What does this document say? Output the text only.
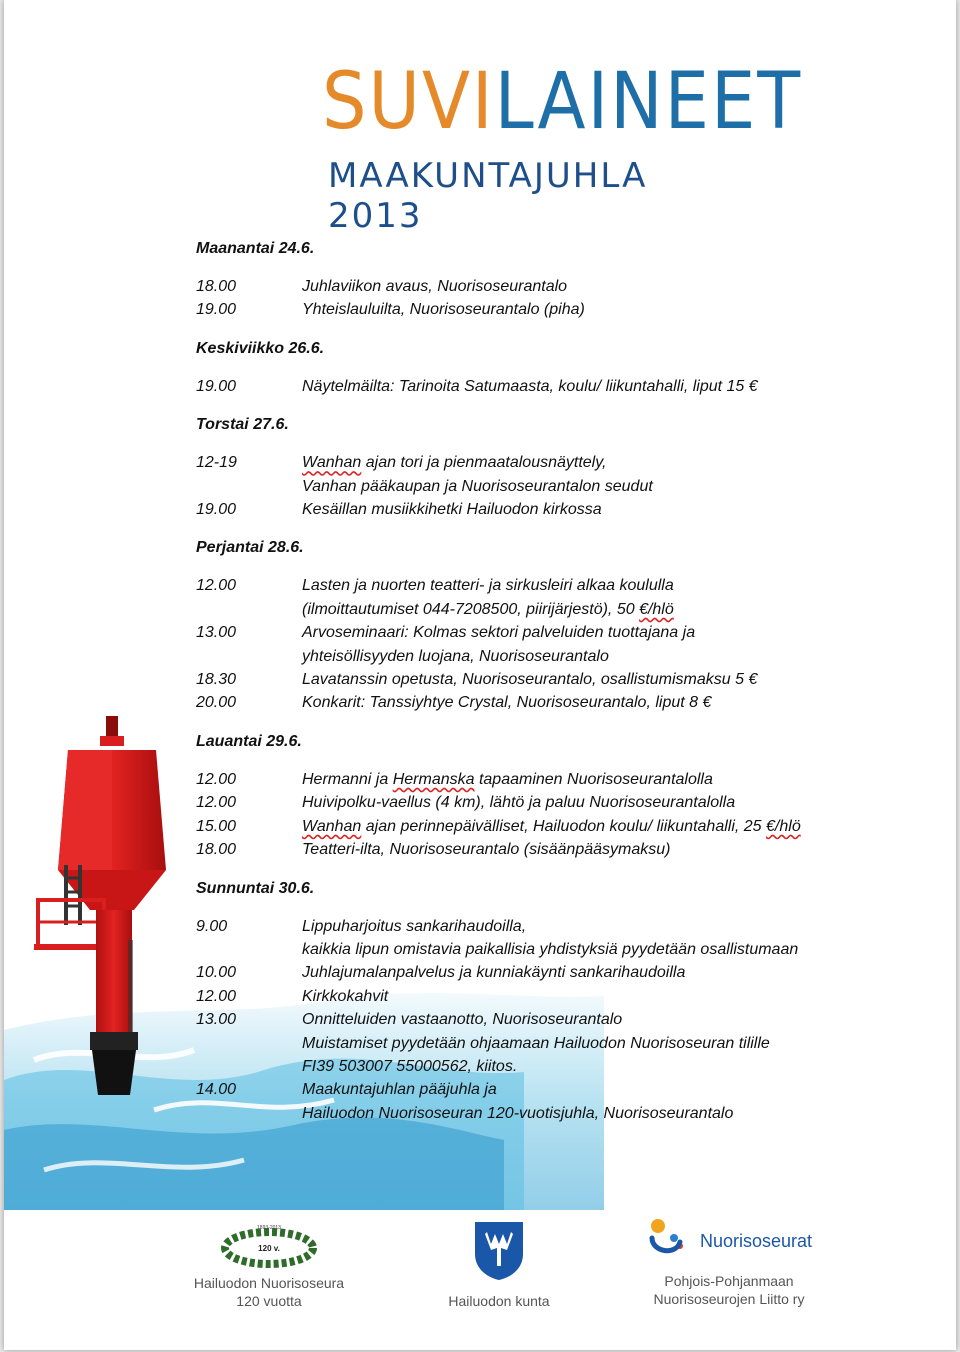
SUVILAINEET
MAAKUNTAJUHLA 2013
Maanantai 24.6.
18.00	Juhlaviikon avaus, Nuorisoseurantalo
19.00	Yhteislauluilta, Nuorisoseurantalo (piha)
Keskiviikko 26.6.
19.00	Näytelmäilta: Tarinoita Satumaasta, koulu/ liikuntahalli, liput 15 €
Torstai 27.6.
12-19	Wanhan ajan tori ja pienmaatalousnäyttely,
Vanhan pääkaupan ja Nuorisoseurantalon seudut
19.00	Kesäillan musiikkihetki Hailuodon kirkossa
Perjantai 28.6.
12.00	Lasten ja nuorten teatteri- ja sirkusleiri alkaa koululla
(ilmoittautumiset 044-7208500, piirijärjestö), 50 €/hlö
13.00	Arvoseminaari: Kolmas sektori palveluiden tuottajana ja
yhteisöllisyyden luojana, Nuorisoseurantalo
18.30	Lavatanssin opetusta, Nuorisoseurantalo, osallistumismaksu 5 €
20.00	Konkarit: Tanssiyhtye Crystal, Nuorisoseurantalo, liput 8 €
Lauantai 29.6.
12.00	Hermanni ja Hermanska tapaaminen Nuorisoseurantalolla
12.00	Huivipolku-vaellus (4 km), lähtö ja paluu Nuorisoseurantalolla
15.00	Wanhan ajan perinnepäivälliset, Hailuodon koulu/ liikuntahalli, 25 €/hlö
18.00	Teatteri-ilta, Nuorisoseurantalo (sisäänpääsymaksu)
Sunnuntai 30.6.
9.00	Lippuharjoitus sankarihaudoilla,
kaikkia lipun omistavia paikallisia yhdistyksiä pyydetään osallistumaan
10.00	Juhlajumalanpalvelus ja kunniakäynti sankarihaudoilla
12.00	Kirkkokahvit
13.00	Onnitteluiden vastaanotto, Nuorisoseurantalo
Muistamiset pyydetään ohjaamaan Hailuodon Nuorisoseuran tilille
FI39 503007 55000562, kiitos.
14.00	Maakuntajuhlan pääjuhla ja
Hailuodon Nuorisoseuran 120-vuotisjuhla, Nuorisoseurantalo
120 v.
1893-2013
Hailuodon Nuorisoseura
120 vuotta	Hailuodon kunta
Nuorisoseurat
Pohjois-Pohjanmaan
Nuorisoseurojen Liitto ry
